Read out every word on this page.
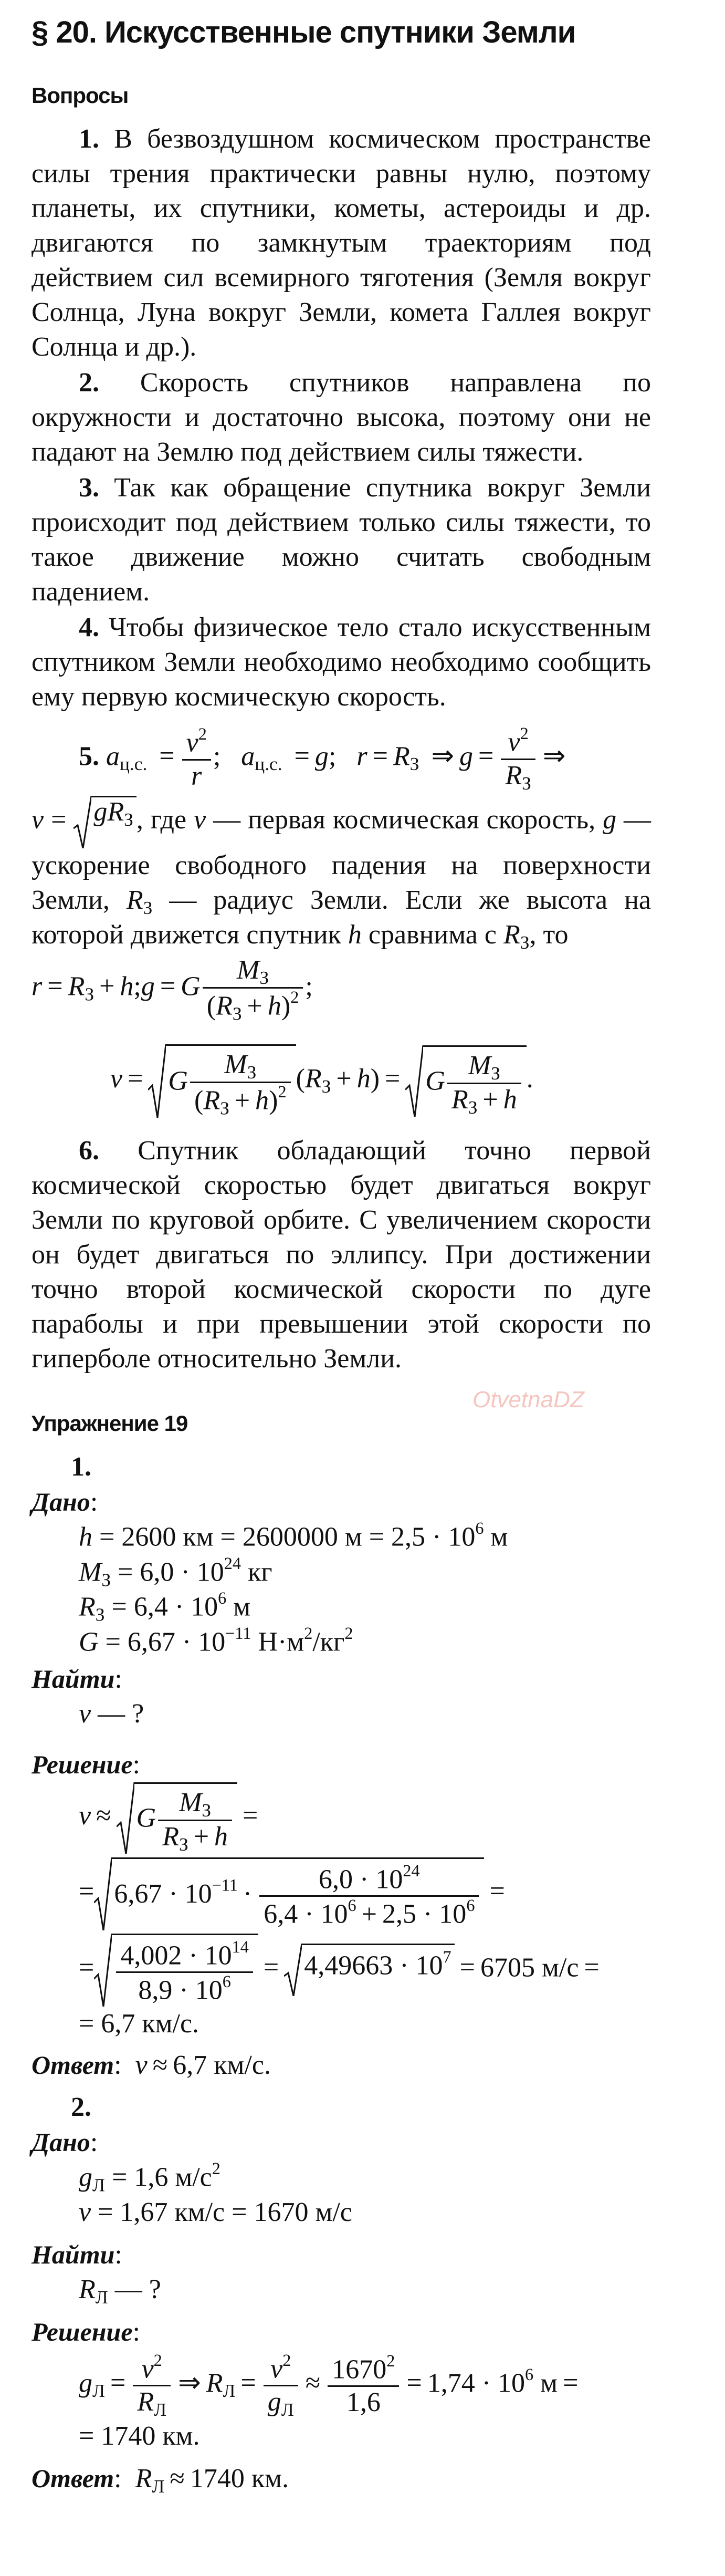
§ 20. Искусственные спутники Земли
Вопросы
1. В безвоздушном космическом пространстве силы трения практически равны нулю, поэтому планеты, их спутники, кометы, астероиды и др. двигаются по замкнутым траекториям под действием сил всемирного тяготения (Земля вокруг Солнца, Луна вокруг Земли, комета Галлея вокруг Солнца и др.).
2. Скорость спутников направлена по окружности и достаточно высока, поэтому они не падают на Землю под действием силы тяжести.
3. Так как обращение спутника вокруг Земли происходит под действием только силы тяжести, то такое движение можно считать свободным падением.
4. Чтобы физическое тело стало искусственным спутником Земли необходимо необходимо сообщить ему первую космическую скорость.
5. $a_{ц.с.} = \frac{v^2}{r}$ ; $a_{ц.с.} = g$; $r = R_З$ ⇒ $g = v^2$
$R_З$
⇒
$v = gR_З$ , где v — первая космическая скорость, g — ускорение свободного падения на поверхности Земли, $R_З$ — радиус Земли. Если же высота на которой движется спутник h сравнима с $R_З$, то
$r = R_З$ + h;g = G
$M_З$
$(R_З + h)^2$ ;
v = G
$M_З$
$(R_З + h)^2$ $(R_З + h) = G$
$M_З$
$R_З + h$
.
6. Спутник обладающий точно первой космической скоростью будет двигаться вокруг Земли по круговой орбите. С увеличением скорости он будет двигаться по эллипсу. При достижении точно второй космической скорости по дуге параболы и при превышении этой скорости по гиперболе относительно Земли.
Упражнение 19
1.
Дано:
h = 2600 км = 2600000 $м = 2,5 \cdot 10^6$ м
$M_З = 6,0 \cdot 10^{24}$ кг
$R_З = 6,4 \cdot 10^6$ м
$G = 6,67 \cdot 10^{-11}$ $Н\cdot м^2/кг^2$
Найти:
v — ?
Решение:
v ≈ G
$M_З$
$R_З + h$
=
= $6,67 \cdot 10^{-11} \cdot \frac{6,0 \cdot 10^{24}}{6,4 \cdot 10^6 + 2,5 \cdot 10^6}$ =
= $\frac{4,002 \cdot 10^{14}}{8,9 \cdot 10^6} = 4,49663 \cdot 10^7 = 6705$ м/с =
= 6,7 км/с.
Ответ: v ≈ 6,7 км/с.
2.
Дано:
$g_Л = 1,6$ $м/с^2$
v = 1,67 км/с = 1670 м/с
Найти:
$R_Л$ — ?
Решение:
$g_Л = v^2$
$R_Л$
⇒ $R_Л = v^2$
$g_Л$
≈ $\frac{1670^2}{1,6} = 1,74 \cdot 10^6$ м =
= 1740 км.
Ответ: $R_Л \approx 1740$ км.
OtvetnaDZ
